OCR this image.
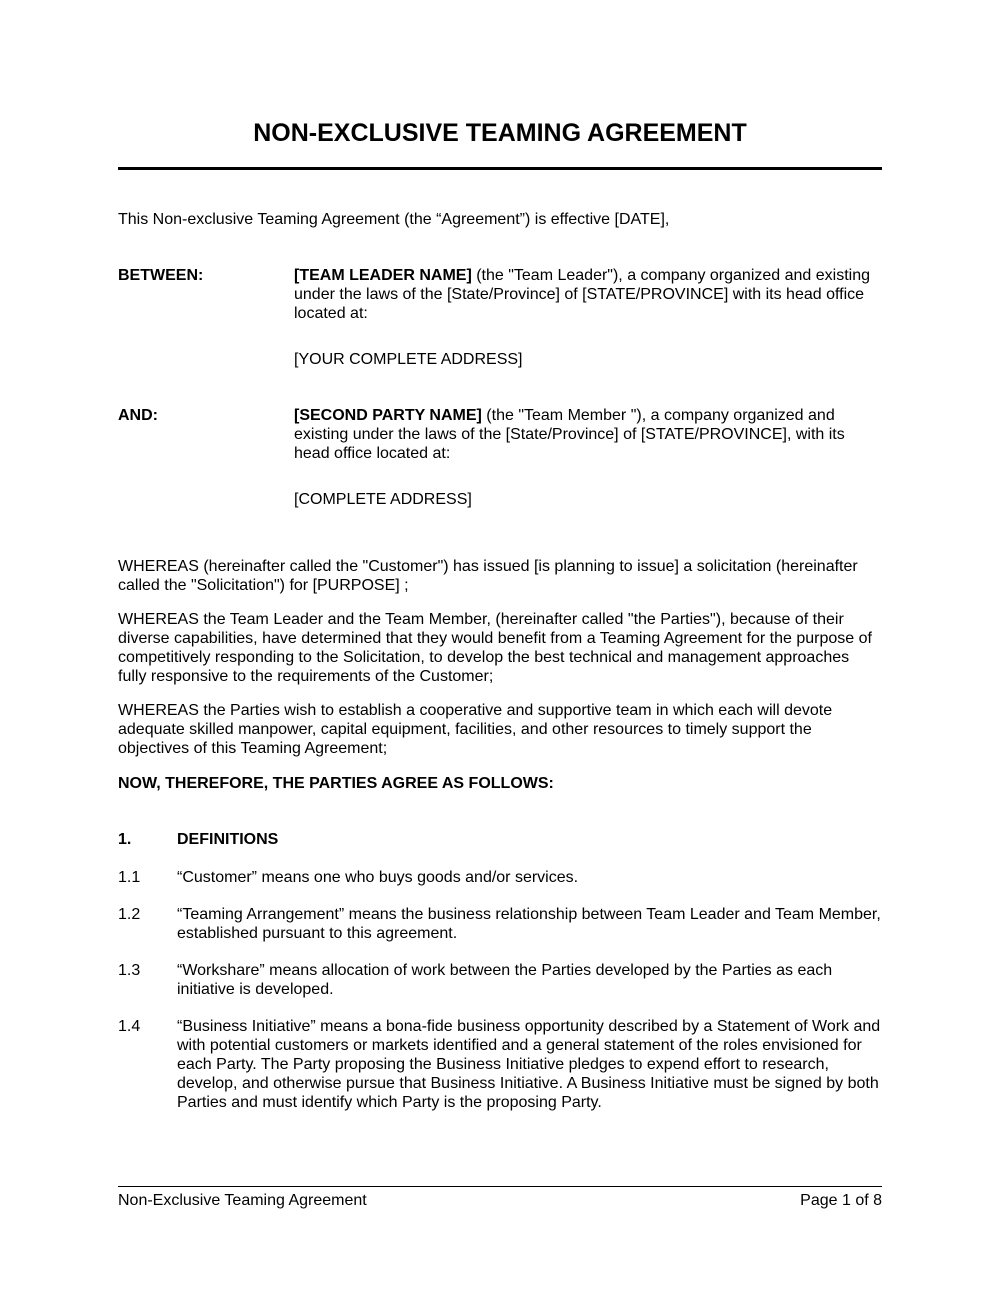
NON-EXCLUSIVE TEAMING AGREEMENT
This Non-exclusive Teaming Agreement (the “Agreement”) is effective [DATE],
BETWEEN:	[TEAM LEADER NAME] (the "Team Leader"), a company organized and existing under the laws of the [State/Province] of [STATE/PROVINCE] with its head office located at:
[YOUR COMPLETE ADDRESS]
AND:	[SECOND PARTY NAME] (the "Team Member "), a company organized and existing under the laws of the [State/Province] of [STATE/PROVINCE], with its head office located at:
[COMPLETE ADDRESS]
WHEREAS (hereinafter called the "Customer") has issued [is planning to issue] a solicitation (hereinafter called the "Solicitation") for [PURPOSE] ;
WHEREAS the Team Leader and the Team Member, (hereinafter called "the Parties"), because of their diverse capabilities, have determined that they would benefit from a Teaming Agreement for the purpose of competitively responding to the Solicitation, to develop the best technical and management approaches fully responsive to the requirements of the Customer;
WHEREAS the Parties wish to establish a cooperative and supportive team in which each will devote adequate skilled manpower, capital equipment, facilities, and other resources to timely support the objectives of this Teaming Agreement;
NOW, THEREFORE, THE PARTIES AGREE AS FOLLOWS:
1.	DEFINITIONS
1.1 “Customer” means one who buys goods and/or services.
1.2 “Teaming Arrangement” means the business relationship between Team Leader and Team Member, established pursuant to this agreement.
1.3 “Workshare” means allocation of work between the Parties developed by the Parties as each initiative is developed.
1.4 “Business Initiative” means a bona-fide business opportunity described by a Statement of Work and with potential customers or markets identified and a general statement of the roles envisioned for each Party. The Party proposing the Business Initiative pledges to expend effort to research, develop, and otherwise pursue that Business Initiative. A Business Initiative must be signed by both Parties and must identify which Party is the proposing Party.
Non-Exclusive Teaming Agreement	Page 1 of 8
